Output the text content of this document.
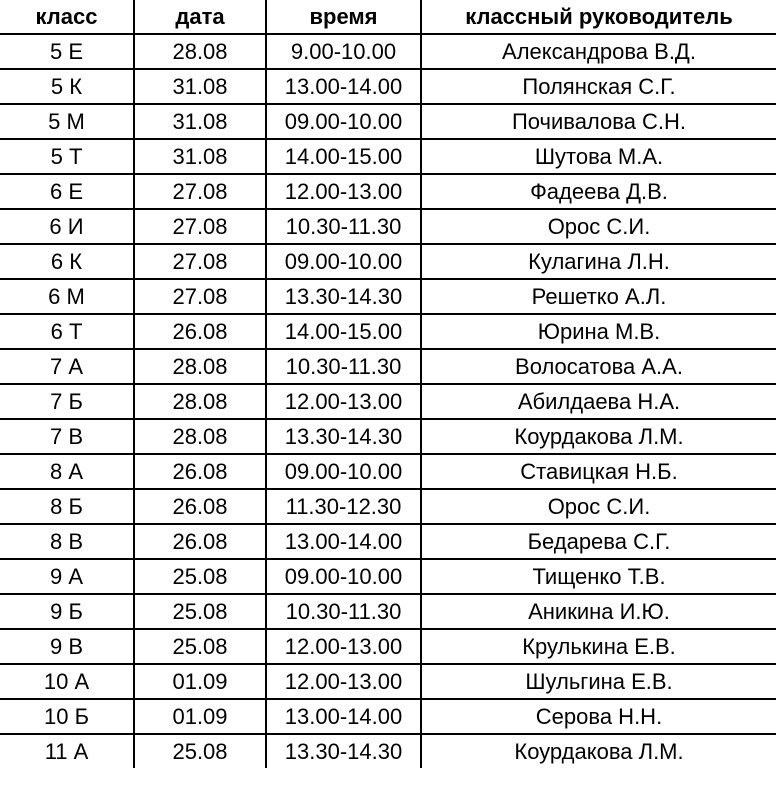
класс	дата	время	классный руководитель
5 Е	28.08	9.00-10.00	Александрова В.Д.
5 К	31.08	13.00-14.00	Полянская С.Г.
5 М	31.08	09.00-10.00	Почивалова С.Н.
5 Т	31.08	14.00-15.00	Шутова М.А.
6 Е	27.08	12.00-13.00	Фадеева Д.В.
6 И	27.08	10.30-11.30	Орос С.И.
6 К	27.08	09.00-10.00	Кулагина Л.Н.
6 М	27.08	13.30-14.30	Решетко А.Л.
6 Т	26.08	14.00-15.00	Юрина М.В.
7 А	28.08	10.30-11.30	Волосатова А.А.
7 Б	28.08	12.00-13.00	Абилдаева Н.А.
7 В	28.08	13.30-14.30	Коурдакова Л.М.
8 А	26.08	09.00-10.00	Ставицкая Н.Б.
8 Б	26.08	11.30-12.30	Орос С.И.
8 В	26.08	13.00-14.00	Бедарева С.Г.
9 А	25.08	09.00-10.00	Тищенко Т.В.
9 Б	25.08	10.30-11.30	Аникина И.Ю.
9 В	25.08	12.00-13.00	Крулькина Е.В.
10 А	01.09	12.00-13.00	Шульгина Е.В.
10 Б	01.09	13.00-14.00	Серова Н.Н.
11 А	25.08	13.30-14.30	Коурдакова Л.М.
